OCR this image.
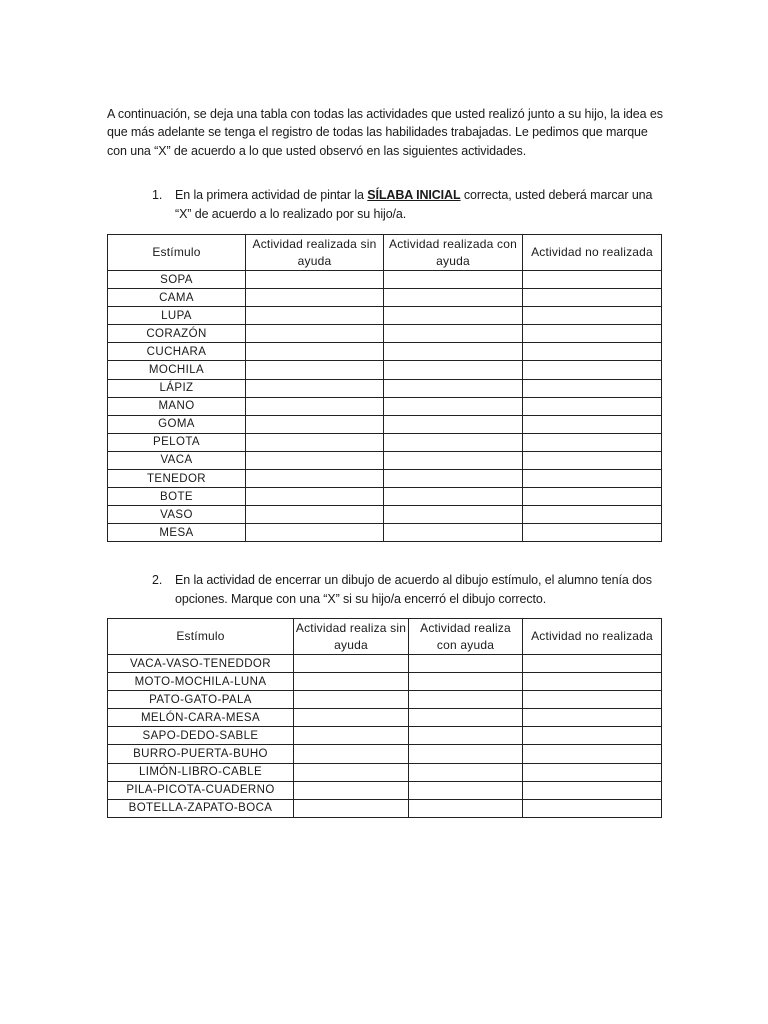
A continuación, se deja una tabla con todas las actividades que usted realizó junto a su hijo, la idea es que más adelante se tenga el registro de todas las habilidades trabajadas. Le pedimos que marque con una “X” de acuerdo a lo que usted observó en las siguientes actividades.

1. En la primera actividad de pintar la SÍLABA INICIAL correcta, usted deberá marcar una “X” de acuerdo a lo realizado por su hijo/a.
Estímulo	Actividad realizada sin ayuda	Actividad realizada con ayuda	Actividad no realizada
SOPA			
CAMA			
LUPA			
CORAZÓN			
CUCHARA			
MOCHILA			
LÁPIZ			
MANO			
GOMA			
PELOTA			
VACA			
TENEDOR			
BOTE			
VASO			
MESA			
2. En la actividad de encerrar un dibujo de acuerdo al dibujo estímulo, el alumno tenía dos opciones. Marque con una “X” si su hijo/a encerró el dibujo correcto.
Estímulo	Actividad realiza sin ayuda	Actividad realiza con ayuda	Actividad no realizada
VACA-VASO-TENEDDOR			
MOTO-MOCHILA-LUNA			
PATO-GATO-PALA			
MELÓN-CARA-MESA			
SAPO-DEDO-SABLE			
BURRO-PUERTA-BUHO			
LIMÓN-LIBRO-CABLE			
PILA-PICOTA-CUADERNO			
BOTELLA-ZAPATO-BOCA			
